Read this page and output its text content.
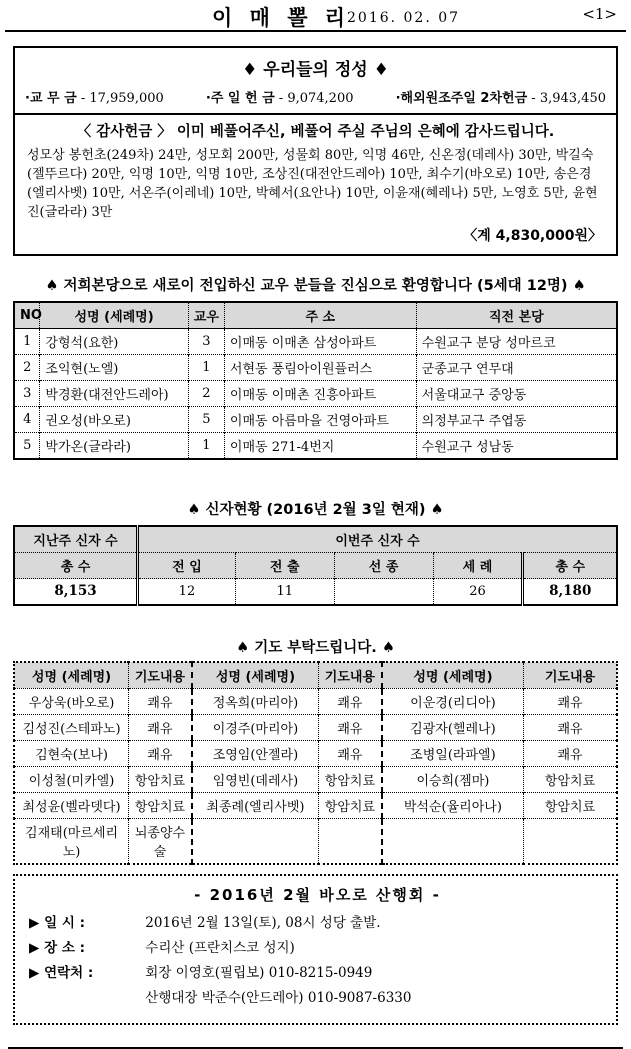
이 매 뽈 리
2016. 02. 07	<1>
♦ 우리들의 정성 ♦
·교 무 금 - 17,959,000	·주 일 헌 금 - 9,074,200	·해외원조주일 2차헌금 - 3,943,450
〈 감사헌금 〉 이미 베풀어주신, 베풀어 주실 주님의 은혜에 감사드립니다.
성모상 봉헌초(249차) 24만, 성모회 200만, 성물회 80만, 익명 46만, 신온정(데레사) 30만, 박길숙(젤뚜르다) 20만, 익명 10만, 익명 10만, 조상진(대전안드레아) 10만, 최수기(바오로) 10만, 송은경(엘리사벳) 10만, 서온주(이레네) 10만, 박혜서(요안나) 10만, 이윤재(혜레나) 5만, 노영호 5만, 윤현진(글라라) 3만
〈계 4,830,000원〉
♠ 저희본당으로 새로이 전입하신 교우 분들을 진심으로 환영합니다 (5세대 12명) ♠
NO	성명 (세례명)	교우	주 소	직전 본당
1	강형석(요한)	3	이매동 이매촌 삼성아파트	수원교구 분당 성마르코
2	조익현(노엘)	1	서현동 풍림아이원플러스	군종교구 연무대
3	박경환(대전안드레아)	2	이매동 이매촌 진흥아파트	서울대교구 중앙동
4	권오성(바오로)	5	이매동 아름마을 건영아파트	의정부교구 주엽동
5	박가온(글라라)	1	이매동 271-4번지	수원교구 성남동
♠ 신자현황 (2016년 2월 3일 현재) ♠
지난주 신자 수	이번주 신자 수				
총 수	전 입	전 출	선 종	세 례	총 수
8,153	12	11		26	8,180
♠ 기도 부탁드립니다. ♠
성명 (세례명)	기도내용	성명 (세례명)	기도내용	성명 (세례명)	기도내용
우상욱(바오로)	쾌유	정옥희(마리아)	쾌유	이운경(리디아)	쾌유
김성진(스테파노)	쾌유	이경주(마리아)	쾌유	김광자(헬레나)	쾌유
김현숙(보나)	쾌유	조영임(안젤라)	쾌유	조병일(라파엘)	쾌유
이성철(미카엘)	항암치료	임영빈(데레사)	항암치료	이승희(젬마)	항암치료
최성윤(벨라뎃다)	항암치료	최종례(엘리사벳)	항암치료	박석순(율리아나)	항암치료
김재태(마르세리노)	뇌종양수술				
- 2016년 2월 바오로 산행회 -
▶ 일 시 :	2016년 2월 13일(토), 08시 성당 출발.
▶ 장 소 :	수리산 (프란치스코 성지)
▶ 연락처 :	회장 이영호(필립보) 010-8215-0949
산행대장 박준수(안드레아) 010-9087-6330
